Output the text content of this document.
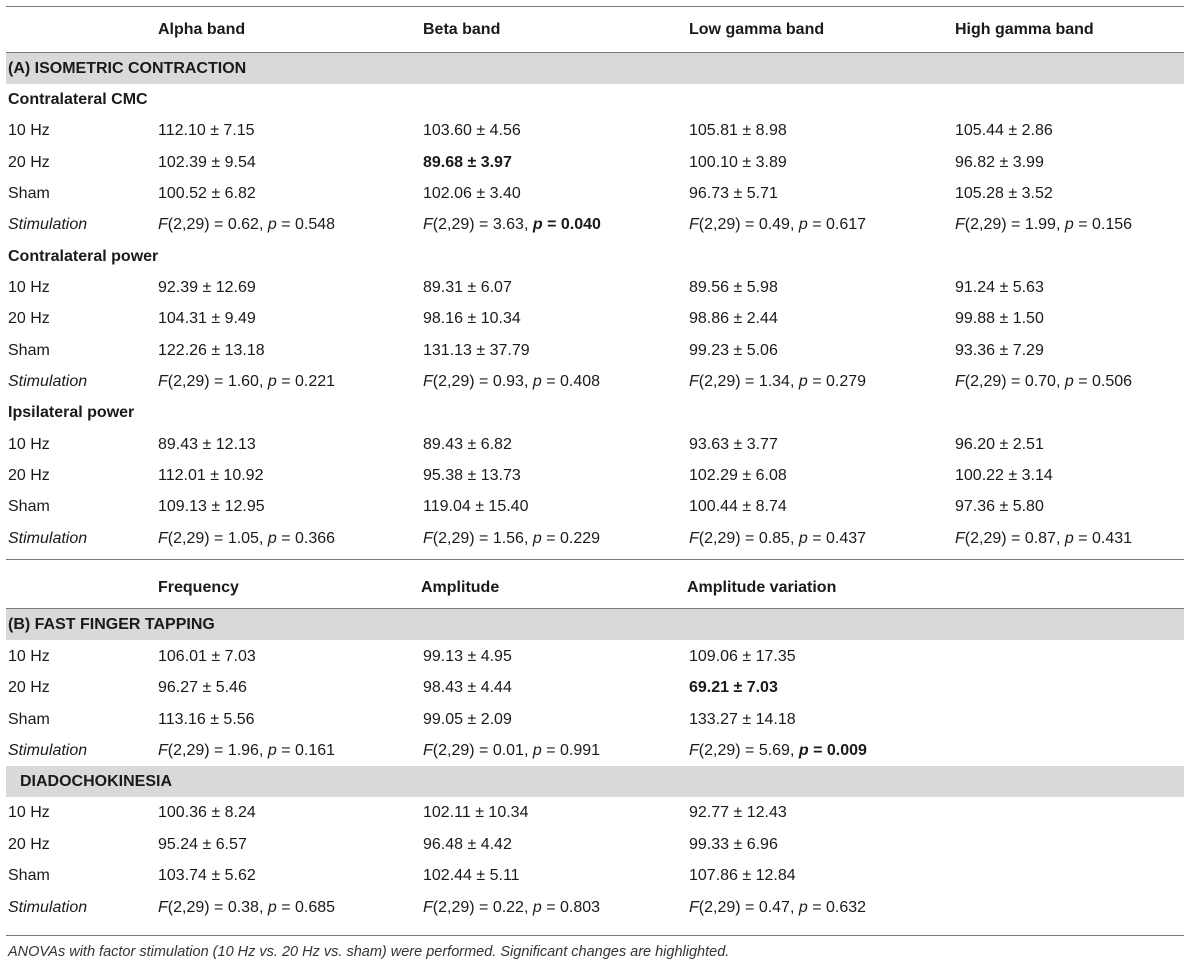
Alpha band	Beta band	Low gamma band	High gamma band
(A) ISOMETRIC CONTRACTION
Contralateral CMC
10 Hz	112.10 ± 7.15	103.60 ± 4.56	105.81 ± 8.98	105.44 ± 2.86
20 Hz	102.39 ± 9.54	89.68 ± 3.97	100.10 ± 3.89	96.82 ± 3.99
Sham	100.52 ± 6.82	102.06 ± 3.40	96.73 ± 5.71	105.28 ± 3.52
Stimulation	F(2,29) = 0.62, p = 0.548	F(2,29) = 3.63, p = 0.040	F(2,29) = 0.49, p = 0.617	F(2,29) = 1.99, p = 0.156
Contralateral power
10 Hz	92.39 ± 12.69	89.31 ± 6.07	89.56 ± 5.98	91.24 ± 5.63
20 Hz	104.31 ± 9.49	98.16 ± 10.34	98.86 ± 2.44	99.88 ± 1.50
Sham	122.26 ± 13.18	131.13 ± 37.79	99.23 ± 5.06	93.36 ± 7.29
Stimulation	F(2,29) = 1.60, p = 0.221	F(2,29) = 0.93, p = 0.408	F(2,29) = 1.34, p = 0.279	F(2,29) = 0.70, p = 0.506
Ipsilateral power
10 Hz	89.43 ± 12.13	89.43 ± 6.82	93.63 ± 3.77	96.20 ± 2.51
20 Hz	112.01 ± 10.92	95.38 ± 13.73	102.29 ± 6.08	100.22 ± 3.14
Sham	109.13 ± 12.95	119.04 ± 15.40	100.44 ± 8.74	97.36 ± 5.80
Stimulation	F(2,29) = 1.05, p = 0.366	F(2,29) = 1.56, p = 0.229	F(2,29) = 0.85, p = 0.437	F(2,29) = 0.87, p = 0.431
Frequency	Amplitude	Amplitude variation
(B) FAST FINGER TAPPING
10 Hz	106.01 ± 7.03	99.13 ± 4.95	109.06 ± 17.35
20 Hz	96.27 ± 5.46	98.43 ± 4.44	69.21 ± 7.03
Sham	113.16 ± 5.56	99.05 ± 2.09	133.27 ± 14.18
Stimulation	F(2,29) = 1.96, p = 0.161	F(2,29) = 0.01, p = 0.991	F(2,29) = 5.69, p = 0.009
DIADOCHOKINESIA
10 Hz	100.36 ± 8.24	102.11 ± 10.34	92.77 ± 12.43
20 Hz	95.24 ± 6.57	96.48 ± 4.42	99.33 ± 6.96
Sham	103.74 ± 5.62	102.44 ± 5.11	107.86 ± 12.84
Stimulation	F(2,29) = 0.38, p = 0.685	F(2,29) = 0.22, p = 0.803	F(2,29) = 0.47, p = 0.632
ANOVAs with factor stimulation (10 Hz vs. 20 Hz vs. sham) were performed. Significant changes are highlighted.
